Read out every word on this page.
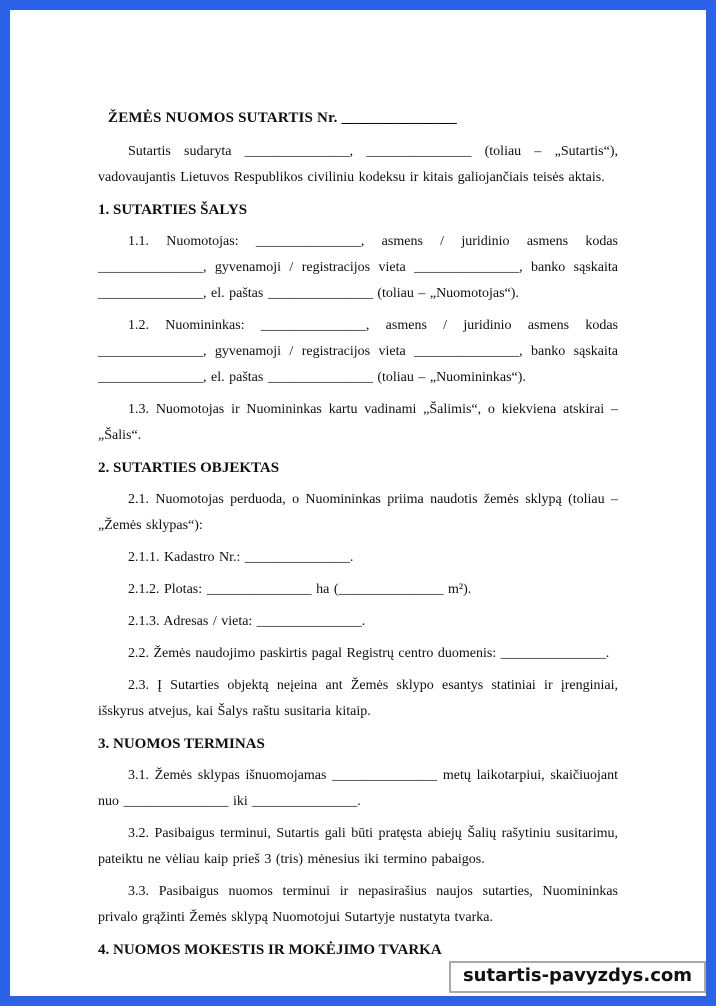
ŽEMĖS NUOMOS SUTARTIS Nr. _______________

Sutartis sudaryta _______________, _______________ (toliau – „Sutartis“), vadovaujantis Lietuvos Respublikos civiliniu kodeksu ir kitais galiojančiais teisės aktais.

1. SUTARTIES ŠALYS

1.1. Nuomotojas: _______________, asmens / juridinio asmens kodas _______________, gyvenamoji / registracijos vieta _______________, banko sąskaita _______________, el. paštas _______________ (toliau – „Nuomotojas“).

1.2. Nuomininkas: _______________, asmens / juridinio asmens kodas _______________, gyvenamoji / registracijos vieta _______________, banko sąskaita _______________, el. paštas _______________ (toliau – „Nuomininkas“).

1.3. Nuomotojas ir Nuomininkas kartu vadinami „Šalimis“, o kiekviena atskirai – „Šalis“.

2. SUTARTIES OBJEKTAS

2.1. Nuomotojas perduoda, o Nuomininkas priima naudotis žemės sklypą (toliau – „Žemės sklypas“):

2.1.1. Kadastro Nr.: _______________.

2.1.2. Plotas: _______________ ha (_______________ m²).

2.1.3. Adresas / vieta: _______________.

2.2. Žemės naudojimo paskirtis pagal Registrų centro duomenis: _______________.

2.3. Į Sutarties objektą neįeina ant Žemės sklypo esantys statiniai ir įrenginiai, išskyrus atvejus, kai Šalys raštu susitaria kitaip.

3. NUOMOS TERMINAS

3.1. Žemės sklypas išnuomojamas _______________ metų laikotarpiui, skaičiuojant nuo _______________ iki _______________.

3.2. Pasibaigus terminui, Sutartis gali būti pratęsta abiejų Šalių rašytiniu susitarimu, pateiktu ne vėliau kaip prieš 3 (tris) mėnesius iki termino pabaigos.

3.3. Pasibaigus nuomos terminui ir nepasirašius naujos sutarties, Nuomininkas privalo grąžinti Žemės sklypą Nuomotojui Sutartyje nustatyta tvarka.

4. NUOMOS MOKESTIS IR MOKĖJIMO TVARKA
sutartis-pavyzdys.com
